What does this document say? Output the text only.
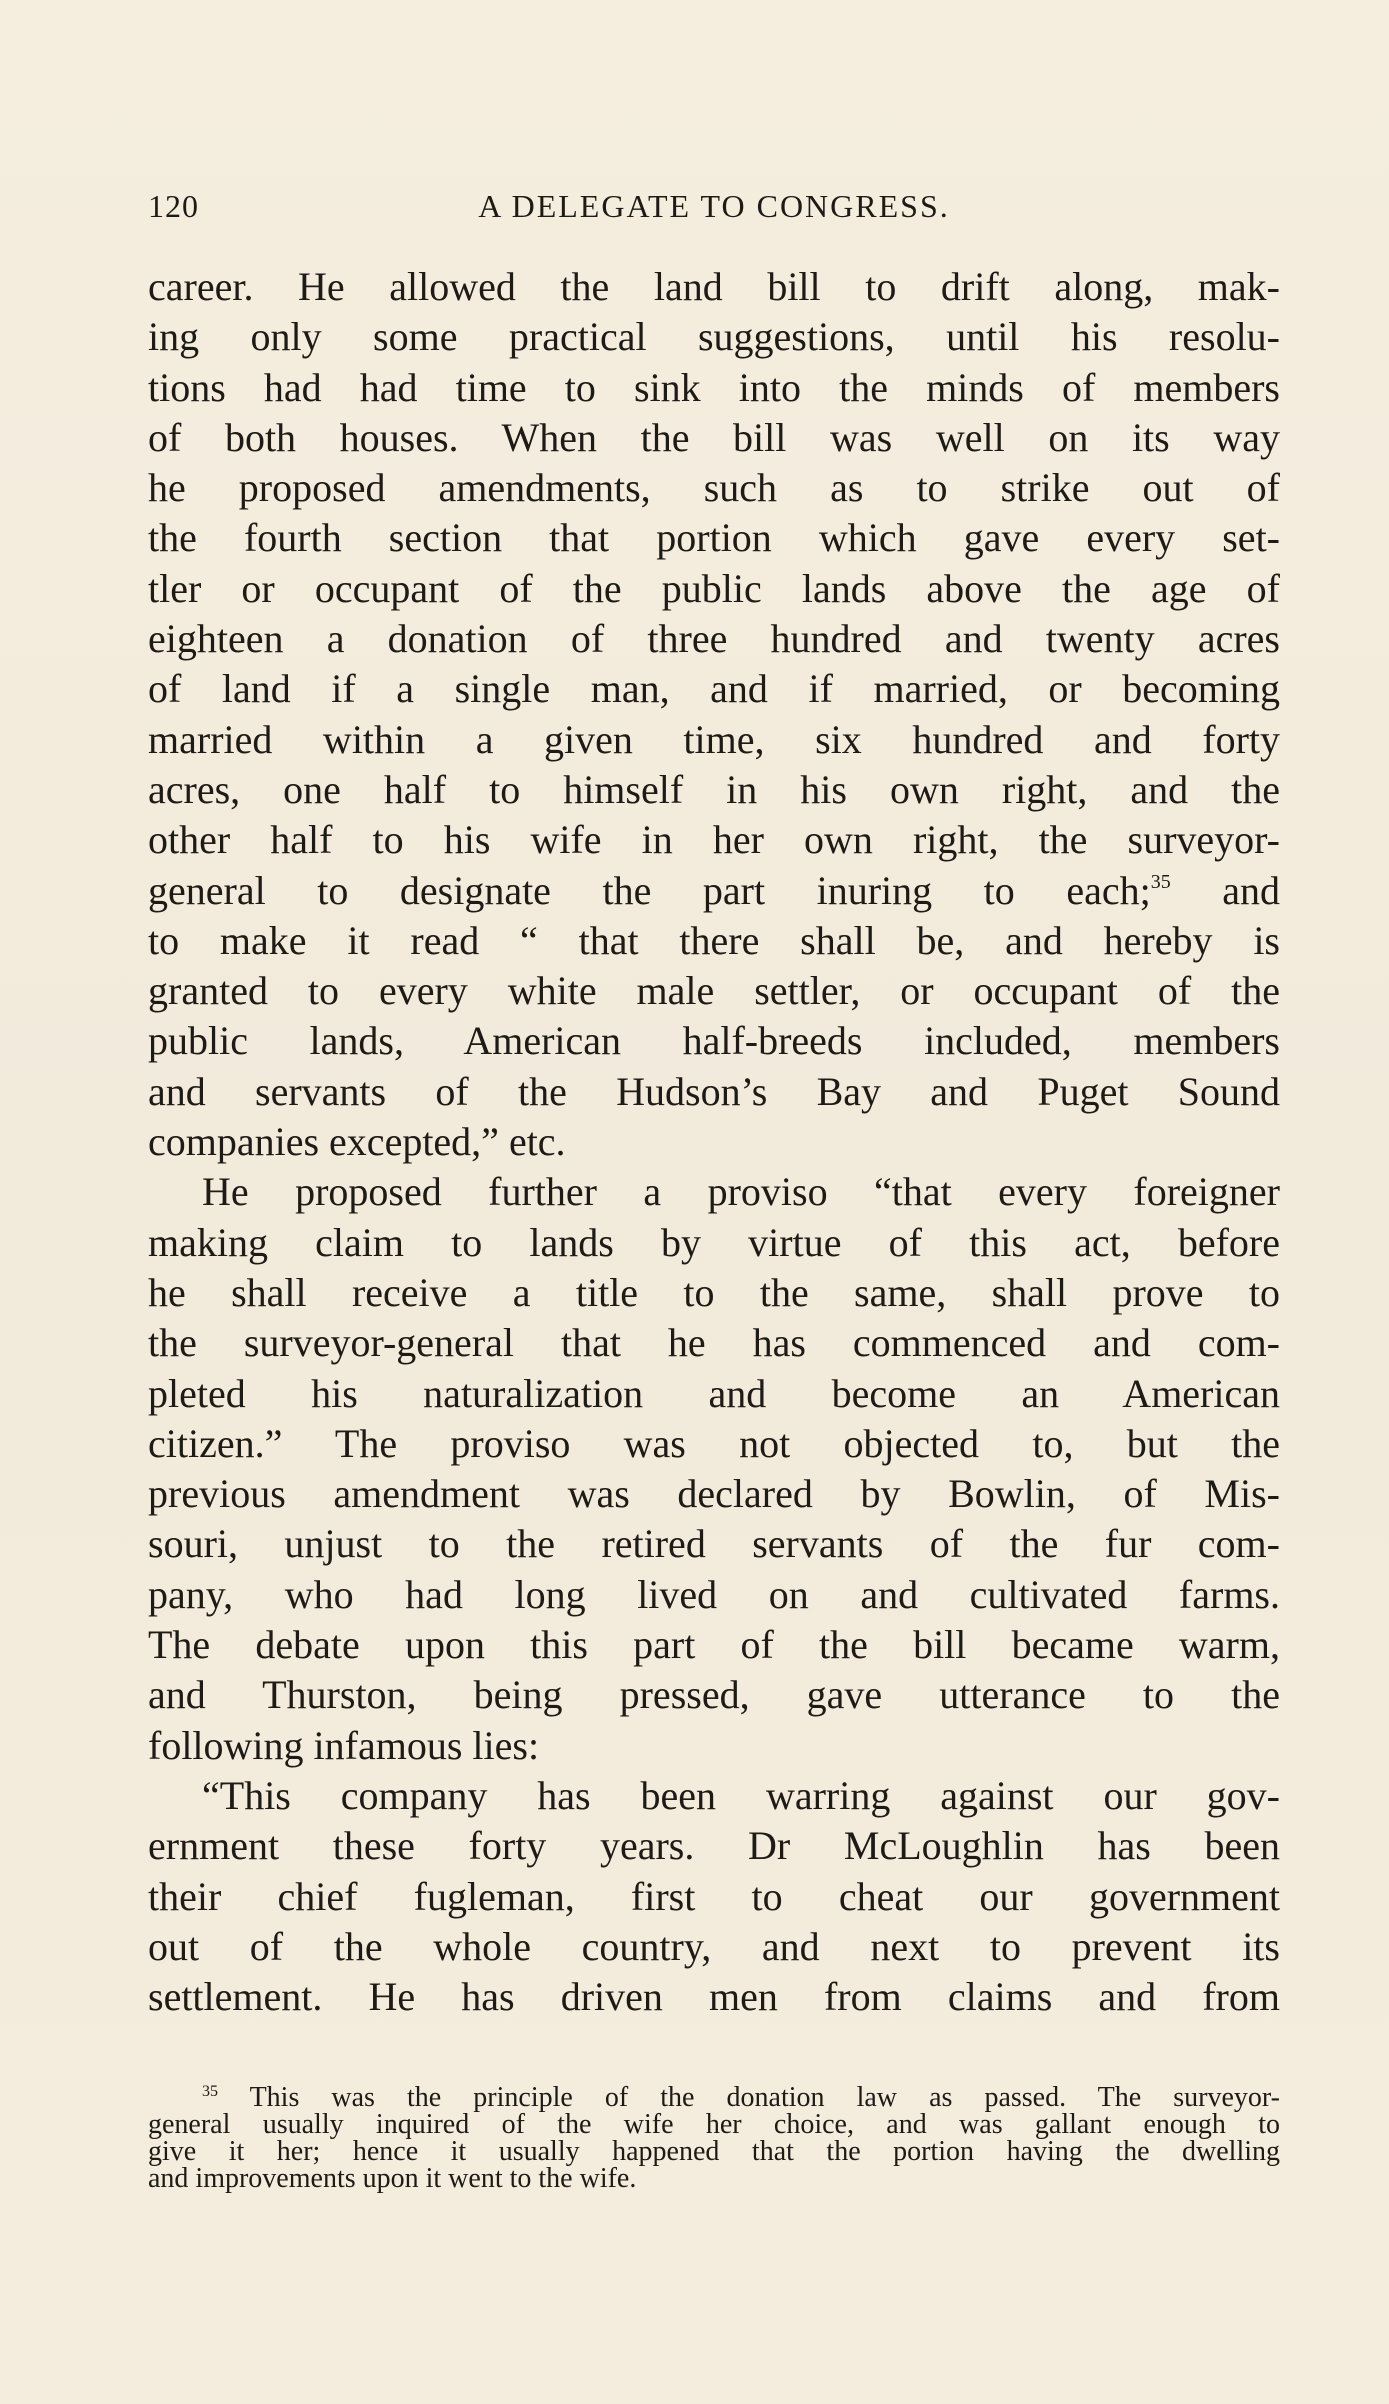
120	A DELEGATE TO CONGRESS.
career. He allowed the land bill to drift along, mak-
ing only some practical suggestions, until his resolu-
tions had had time to sink into the minds of members
of both houses. When the bill was well on its way
he proposed amendments, such as to strike out of
the fourth section that portion which gave every set-
tler or occupant of the public lands above the age of
eighteen a donation of three hundred and twenty acres
of land if a single man, and if married, or becoming
married within a given time, six hundred and forty
acres, one half to himself in his own right, and the
other half to his wife in her own right, the surveyor-
general to designate the part inuring to each;$^{35}$ and
to make it read “ that there shall be, and hereby is
granted to every white male settler, or occupant of the
public lands, American half-breeds included, members
and servants of the Hudson’s Bay and Puget Sound
companies excepted,” etc.
He proposed further a proviso “that every foreigner
making claim to lands by virtue of this act, before
he shall receive a title to the same, shall prove to
the surveyor-general that he has commenced and com-
pleted his naturalization and become an American
citizen.” The proviso was not objected to, but the
previous amendment was declared by Bowlin, of Mis-
souri, unjust to the retired servants of the fur com-
pany, who had long lived on and cultivated farms.
The debate upon this part of the bill became warm,
and Thurston, being pressed, gave utterance to the
following infamous lies:
“This company has been warring against our gov-
ernment these forty years. Dr McLoughlin has been
their chief fugleman, first to cheat our government
out of the whole country, and next to prevent its
settlement. He has driven men from claims and from
$^{35}$ This was the principle of the donation law as passed. The surveyor-
general usually inquired of the wife her choice, and was gallant enough to
give it her; hence it usually happened that the portion having the dwelling
and improvements upon it went to the wife.
